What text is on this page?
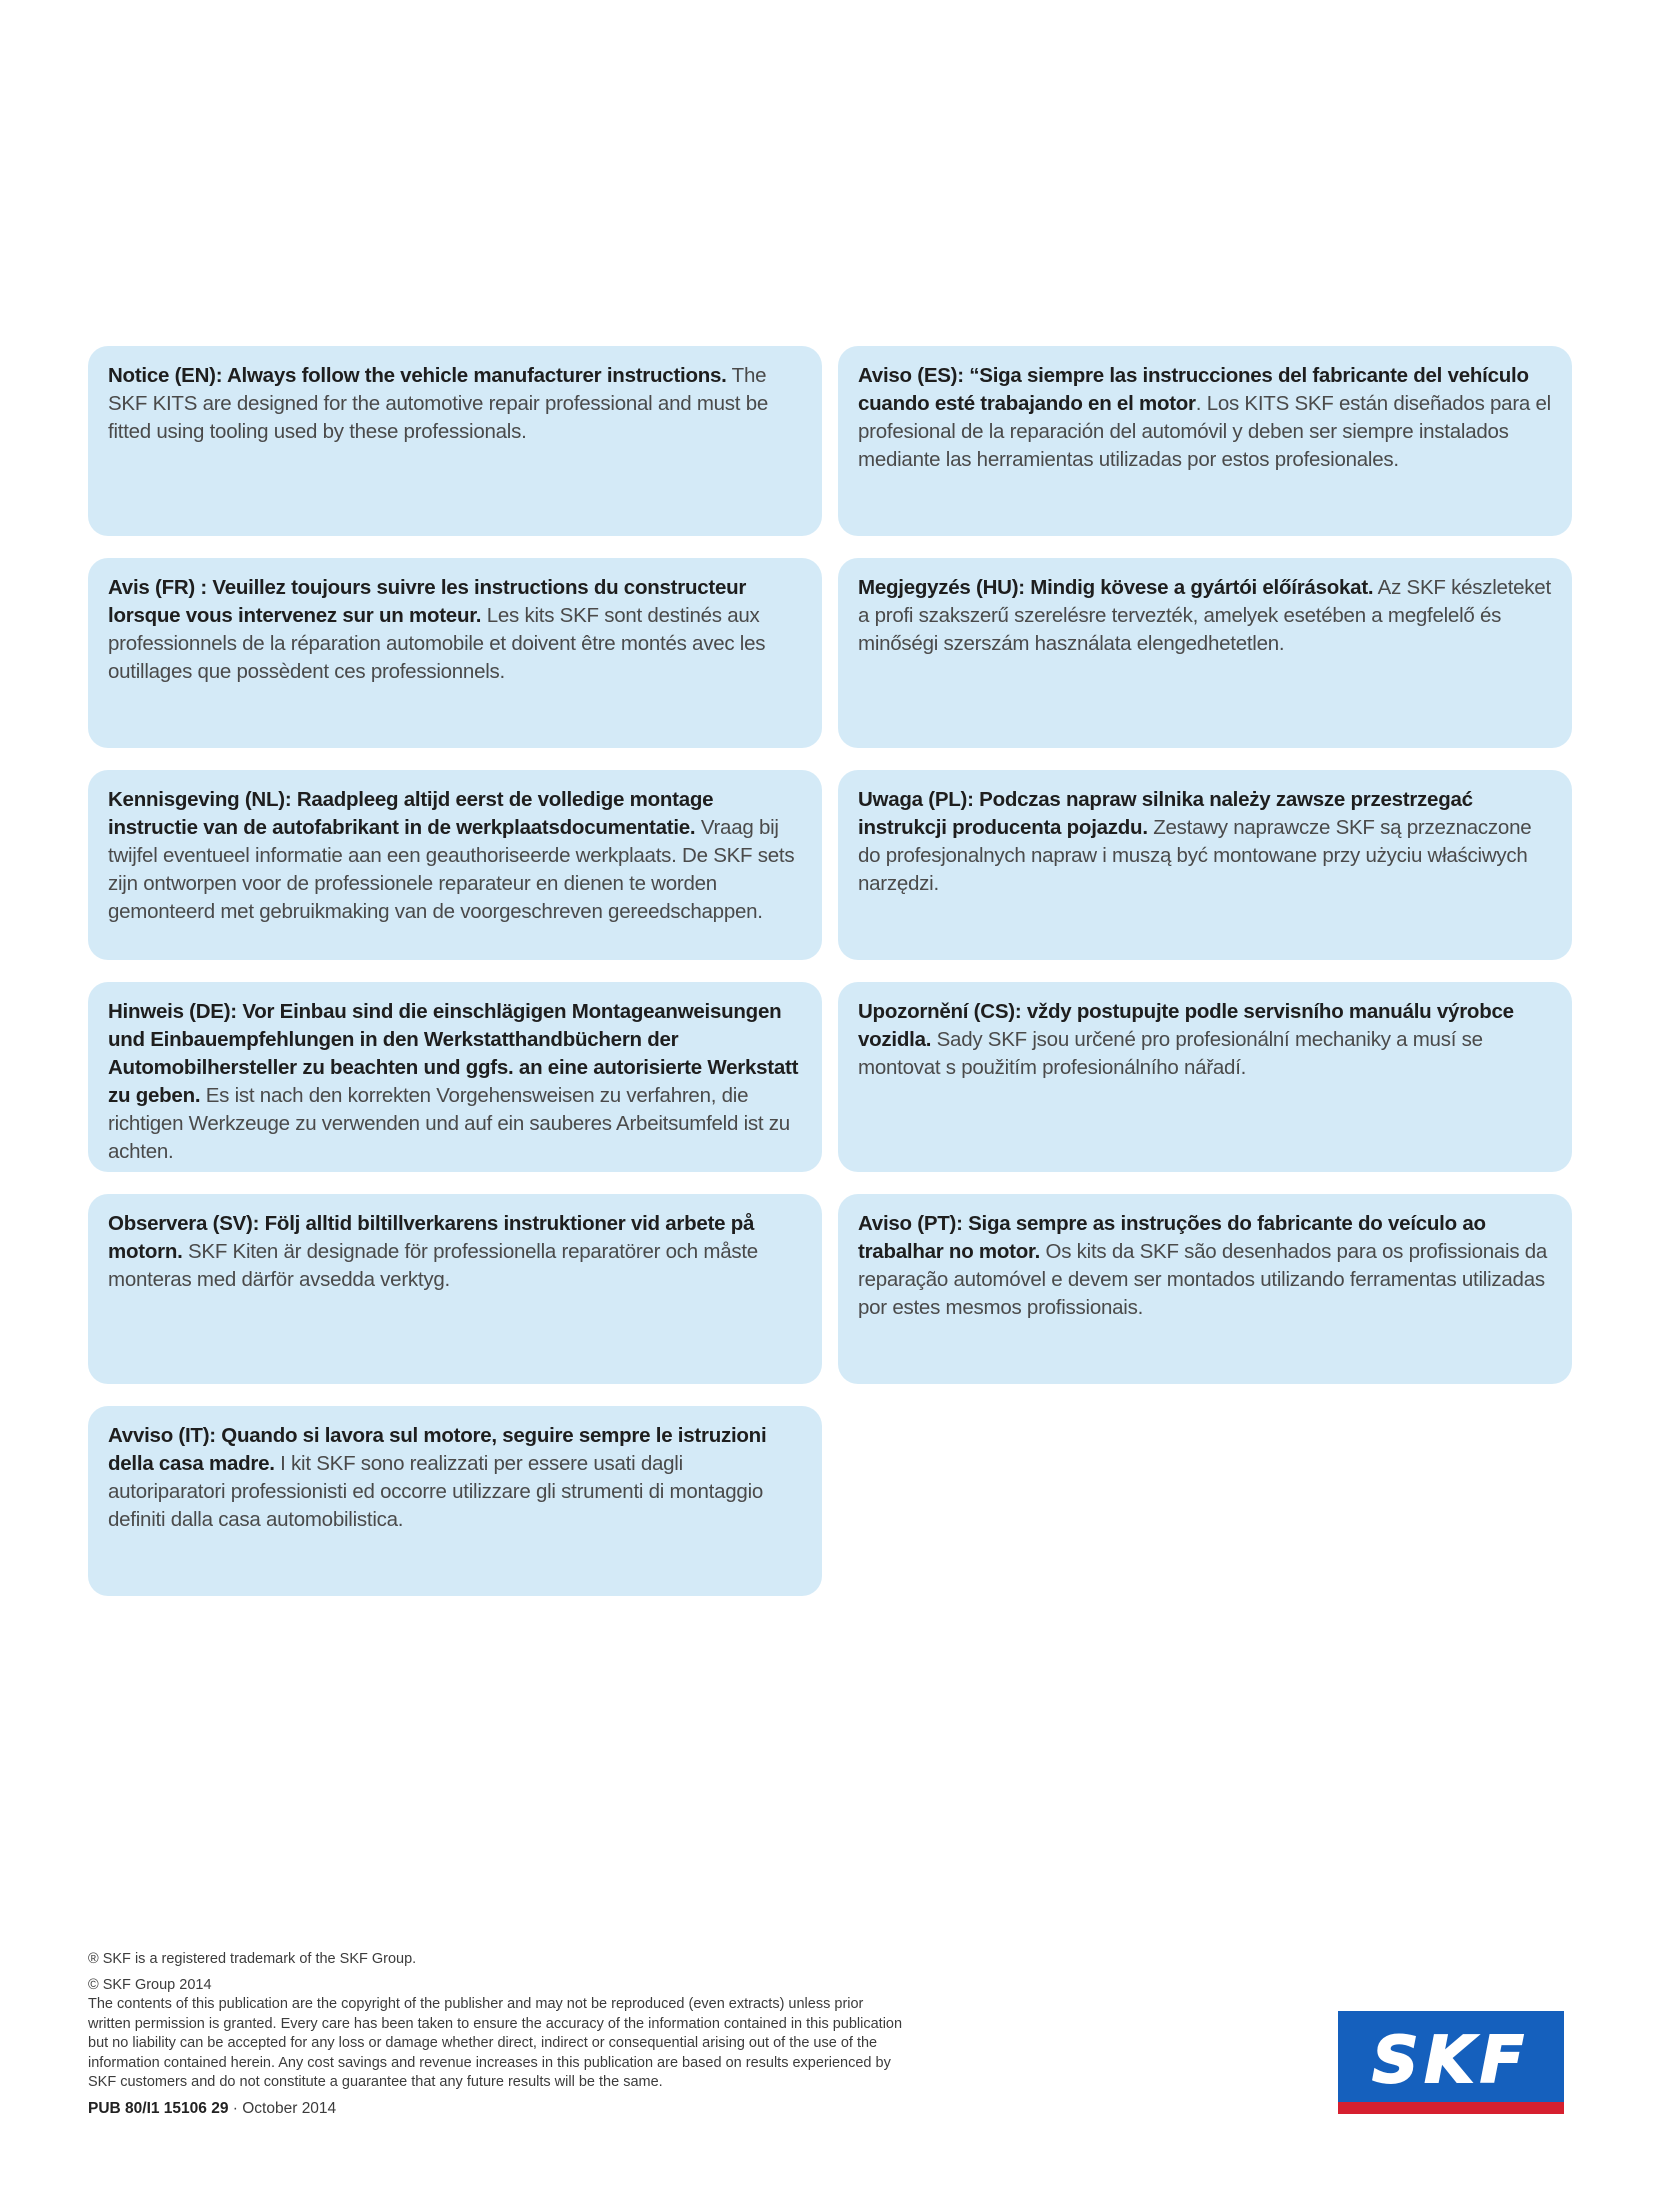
Notice (EN): Always follow the vehicle manufacturer instructions. The SKF KITS are designed for the automotive repair professional and must be fitted using tooling used by these professionals.
Aviso (ES): “Siga siempre las instrucciones del fabricante del vehículo cuando esté trabajando en el motor. Los KITS SKF están diseñados para el profesional de la reparación del automóvil y deben ser siempre instalados mediante las herramientas utilizadas por estos profesionales.
Avis (FR) : Veuillez toujours suivre les instructions du constructeur lorsque vous intervenez sur un moteur. Les kits SKF sont destinés aux professionnels de la réparation automobile et doivent être montés avec les outillages que possèdent ces professionnels.
Megjegyzés (HU): Mindig kövese a gyártói előírásokat. Az SKF készleteket a profi szakszerű szerelésre tervezték, amelyek esetében a megfelelő és minőségi szerszám használata elengedhetetlen.
Kennisgeving (NL): Raadpleeg altijd eerst de volledige montage instructie van de autofabrikant in de werkplaatsdocumentatie. Vraag bij twijfel eventueel informatie aan een geauthoriseerde werkplaats. De SKF sets zijn ontworpen voor de professionele reparateur en dienen te worden gemonteerd met gebruikmaking van de voorgeschreven gereedschappen.
Uwaga (PL): Podczas napraw silnika należy zawsze przestrzegać instrukcji producenta pojazdu. Zestawy naprawcze SKF są przeznaczone do profesjonalnych napraw i muszą być montowane przy użyciu właściwych narzędzi.
Hinweis (DE): Vor Einbau sind die einschlägigen Montageanweisungen und Einbauempfehlungen in den Werkstatthandbüchern der Automobilhersteller zu beachten und ggfs. an eine autorisierte Werkstatt zu geben. Es ist nach den korrekten Vorgehensweisen zu verfahren, die richtigen Werkzeuge zu verwenden und auf ein sauberes Arbeitsumfeld ist zu achten.
Upozornění (CS): vždy postupujte podle servisního manuálu výrobce vozidla. Sady SKF jsou určené pro profesionální mechaniky a musí se montovat s použitím profesionálního nářadí.
Observera (SV): Följ alltid biltillverkarens instruktioner vid arbete på motorn. SKF Kiten är designade för professionella reparatörer och måste monteras med därför avsedda verktyg.
Aviso (PT): Siga sempre as instruções do fabricante do veículo ao trabalhar no motor. Os kits da SKF são desenhados para os profissionais da reparação automóvel e devem ser montados utilizando ferramentas utilizadas por estes mesmos profissionais.
Avviso (IT): Quando si lavora sul motore, seguire sempre le istruzioni della casa madre. I kit SKF sono realizzati per essere usati dagli autoriparatori professionisti ed occorre utilizzare gli strumenti di montaggio definiti dalla casa automobilistica.

® SKF is a registered trademark of the SKF Group.

© SKF Group 2014

The contents of this publication are the copyright of the publisher and may not be reproduced (even extracts) unless prior written permission is granted. Every care has been taken to ensure the accuracy of the information contained in this publication but no liability can be accepted for any loss or damage whether direct, indirect or consequential arising out of the use of the information contained herein. Any cost savings and revenue increases in this publication are based on results experienced by SKF customers and do not constitute a guarantee that any future results will be the same.

PUB 80/I1 15106 29 · October 2014

SKF
